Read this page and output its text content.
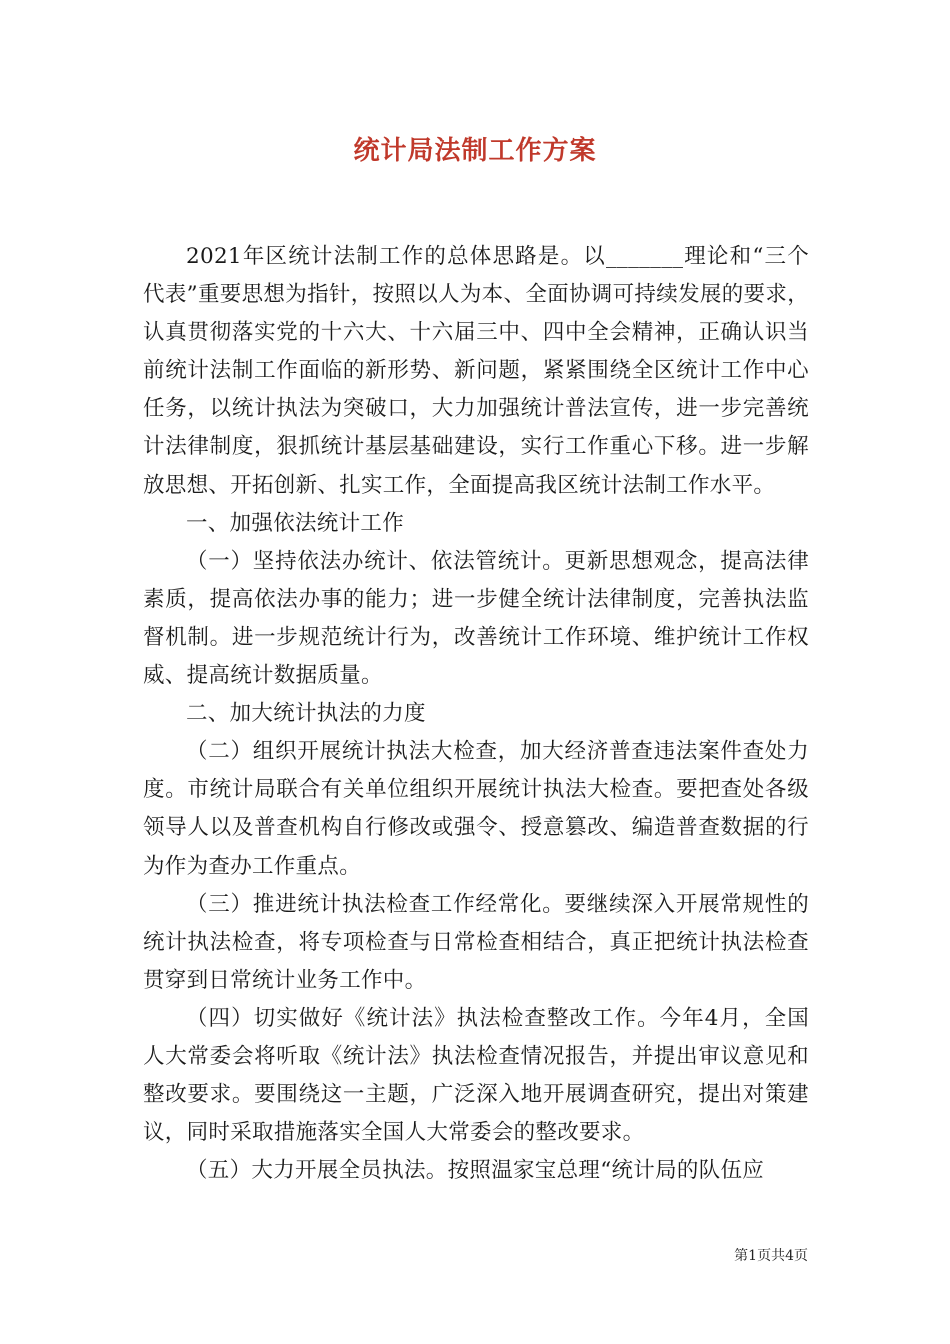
统计局法制工作方案

2021年区统计法制工作的总体思路是。以_______理论和“三个代表”重要思想为指针，按照以人为本、全面协调可持续发展的要求，认真贯彻落实党的十六大、十六届三中、四中全会精神，正确认识当前统计法制工作面临的新形势、新问题，紧紧围绕全区统计工作中心任务，以统计执法为突破口，大力加强统计普法宣传，进一步完善统计法律制度，狠抓统计基层基础建设，实行工作重心下移。进一步解放思想、开拓创新、扎实工作，全面提高我区统计法制工作水平。

一、加强依法统计工作

（一）坚持依法办统计、依法管统计。更新思想观念，提高法律素质，提高依法办事的能力；进一步健全统计法律制度，完善执法监督机制。进一步规范统计行为，改善统计工作环境、维护统计工作权威、提高统计数据质量。

二、加大统计执法的力度

（二）组织开展统计执法大检查，加大经济普查违法案件查处力度。市统计局联合有关单位组织开展统计执法大检查。要把查处各级领导人以及普查机构自行修改或强令、授意篡改、编造普查数据的行为作为查办工作重点。

（三）推进统计执法检查工作经常化。要继续深入开展常规性的统计执法检查，将专项检查与日常检查相结合，真正把统计执法检查贯穿到日常统计业务工作中。

（四）切实做好《统计法》执法检查整改工作。今年4月，全国人大常委会将听取《统计法》执法检查情况报告，并提出审议意见和整改要求。要围绕这一主题，广泛深入地开展调查研究，提出对策建议，同时采取措施落实全国人大常委会的整改要求。

（五）大力开展全员执法。按照温家宝总理“统计局的队伍应

第1页共4页
